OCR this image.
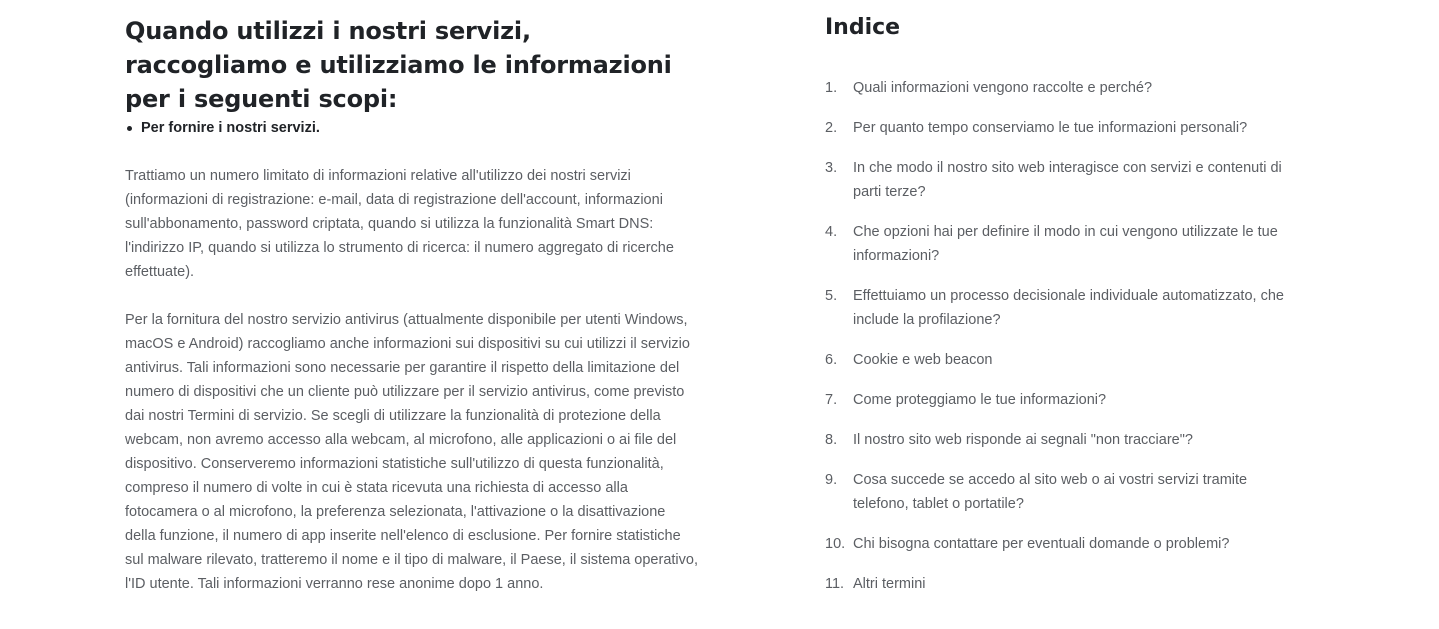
Quando utilizzi i nostri servizi, raccogliamo e utilizziamo le informazioni per i seguenti scopi:
Per fornire i nostri servizi.

Trattiamo un numero limitato di informazioni relative all'utilizzo dei nostri servizi (informazioni di registrazione: e-mail, data di registrazione dell'account, informazioni sull'abbonamento, password criptata, quando si utilizza la funzionalità Smart DNS: l'indirizzo IP, quando si utilizza lo strumento di ricerca: il numero aggregato di ricerche effettuate).

Per la fornitura del nostro servizio antivirus (attualmente disponibile per utenti Windows, macOS e Android) raccogliamo anche informazioni sui dispositivi su cui utilizzi il servizio antivirus. Tali informazioni sono necessarie per garantire il rispetto della limitazione del numero di dispositivi che un cliente può utilizzare per il servizio antivirus, come previsto dai nostri Termini di servizio. Se scegli di utilizzare la funzionalità di protezione della webcam, non avremo accesso alla webcam, al microfono, alle applicazioni o ai file del dispositivo. Conserveremo informazioni statistiche sull'utilizzo di questa funzionalità, compreso il numero di volte in cui è stata ricevuta una richiesta di accesso alla fotocamera o al microfono, la preferenza selezionata, l'attivazione o la disattivazione della funzione, il numero di app inserite nell'elenco di esclusione. Per fornire statistiche sul malware rilevato, tratteremo il nome e il tipo di malware, il Paese, il sistema operativo, l'ID utente. Tali informazioni verranno rese anonime dopo 1 anno.

Indice
1. Quali informazioni vengono raccolte e perché?
2. Per quanto tempo conserviamo le tue informazioni personali?
3. In che modo il nostro sito web interagisce con servizi e contenuti di parti terze?
4. Che opzioni hai per definire il modo in cui vengono utilizzate le tue informazioni?
5. Effettuiamo un processo decisionale individuale automatizzato, che include la profilazione?
6. Cookie e web beacon
7. Come proteggiamo le tue informazioni?
8. Il nostro sito web risponde ai segnali "non tracciare"?
9. Cosa succede se accedo al sito web o ai vostri servizi tramite telefono, tablet o portatile?
10. Chi bisogna contattare per eventuali domande o problemi?
11. Altri termini
